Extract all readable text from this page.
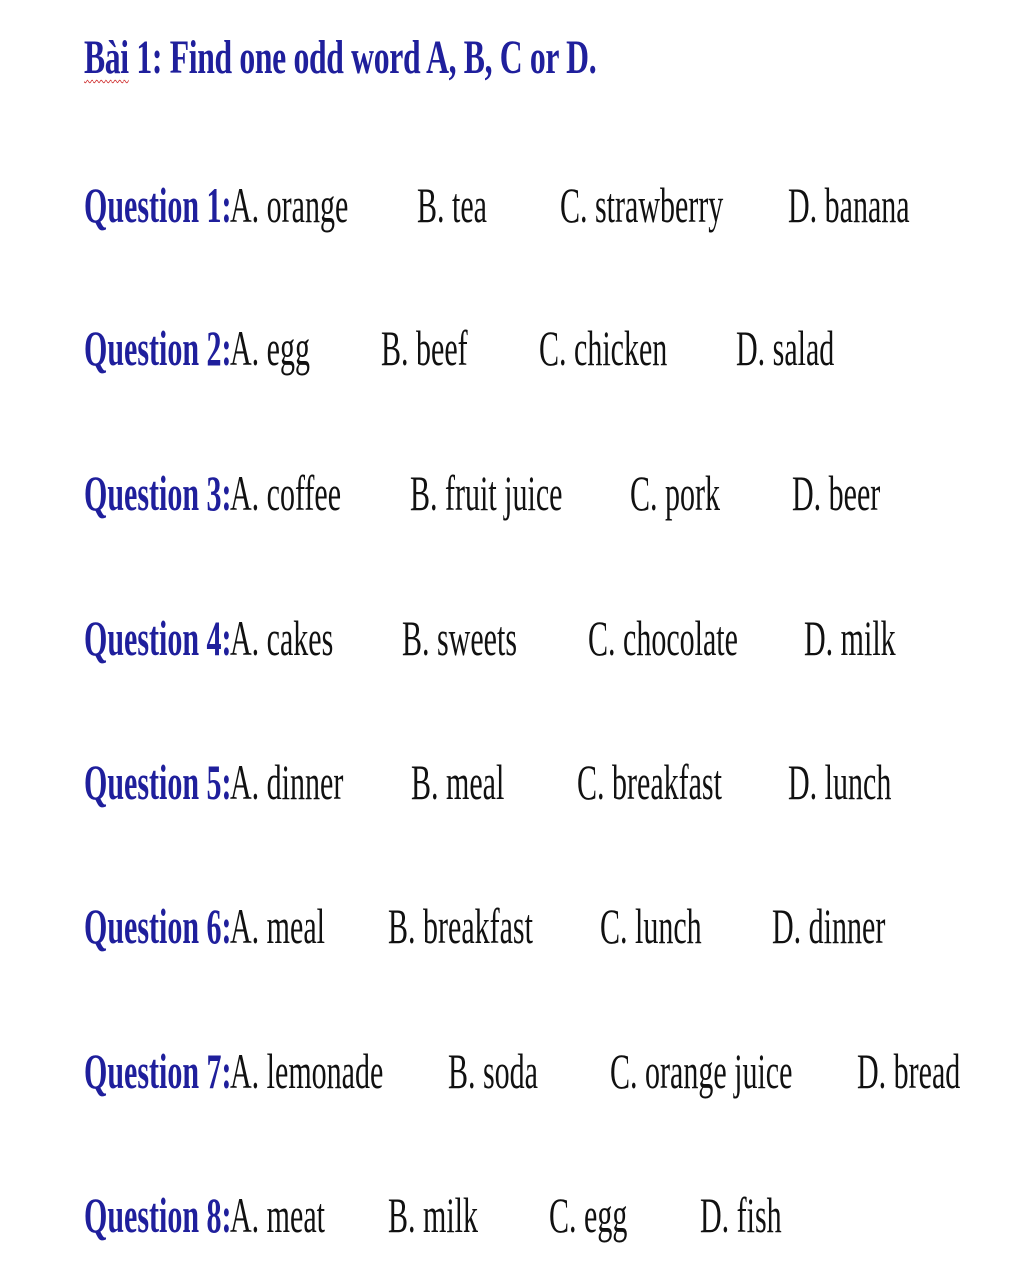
Bài 1: Find one odd word A, B, C or D.
Question 1:
A. orange B. tea C. strawberry D. banana
Question 2:
A. egg B. beef C. chicken D. salad
Question 3:
A. coffee B. fruit juice C. pork D. beer
Question 4:
A. cakes B. sweets C. chocolate D. milk
Question 5:
A. dinner B. meal C. breakfast D. lunch
Question 6:
A. meal B. breakfast C. lunch D. dinner
Question 7:
A. lemonade B. soda C. orange juice D. bread
Question 8:
A. meat B. milk C. egg D. fish
